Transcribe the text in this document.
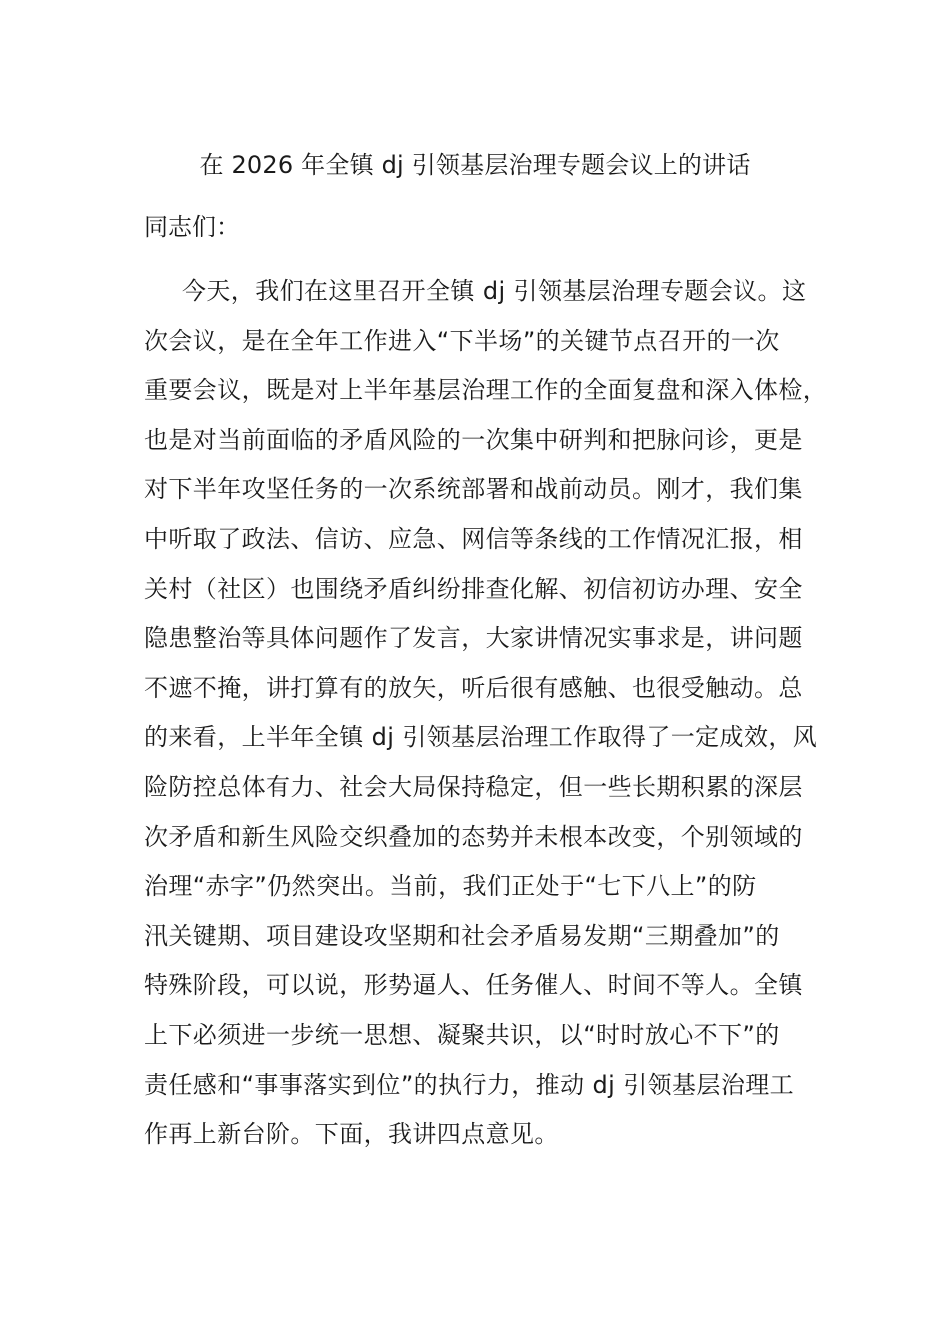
在 2026 年全镇 dj 引领基层治理专题会议上的讲话
同志们：
今天，我们在这里召开全镇 dj 引领基层治理专题会议。这
次会议，是在全年工作进入“下半场”的关键节点召开的一次
重要会议，既是对上半年基层治理工作的全面复盘和深入体检，
也是对当前面临的矛盾风险的一次集中研判和把脉问诊，更是
对下半年攻坚任务的一次系统部署和战前动员。刚才，我们集
中听取了政法、信访、应急、网信等条线的工作情况汇报，相
关村（社区）也围绕矛盾纠纷排查化解、初信初访办理、安全
隐患整治等具体问题作了发言，大家讲情况实事求是，讲问题
不遮不掩，讲打算有的放矢，听后很有感触、也很受触动。总
的来看，上半年全镇 dj 引领基层治理工作取得了一定成效，风
险防控总体有力、社会大局保持稳定，但一些长期积累的深层
次矛盾和新生风险交织叠加的态势并未根本改变，个别领域的
治理“赤字”仍然突出。当前，我们正处于“七下八上”的防
汛关键期、项目建设攻坚期和社会矛盾易发期“三期叠加”的
特殊阶段，可以说，形势逼人、任务催人、时间不等人。全镇
上下必须进一步统一思想、凝聚共识，以“时时放心不下”的
责任感和“事事落实到位”的执行力，推动 dj 引领基层治理工
作再上新台阶。下面，我讲四点意见。
